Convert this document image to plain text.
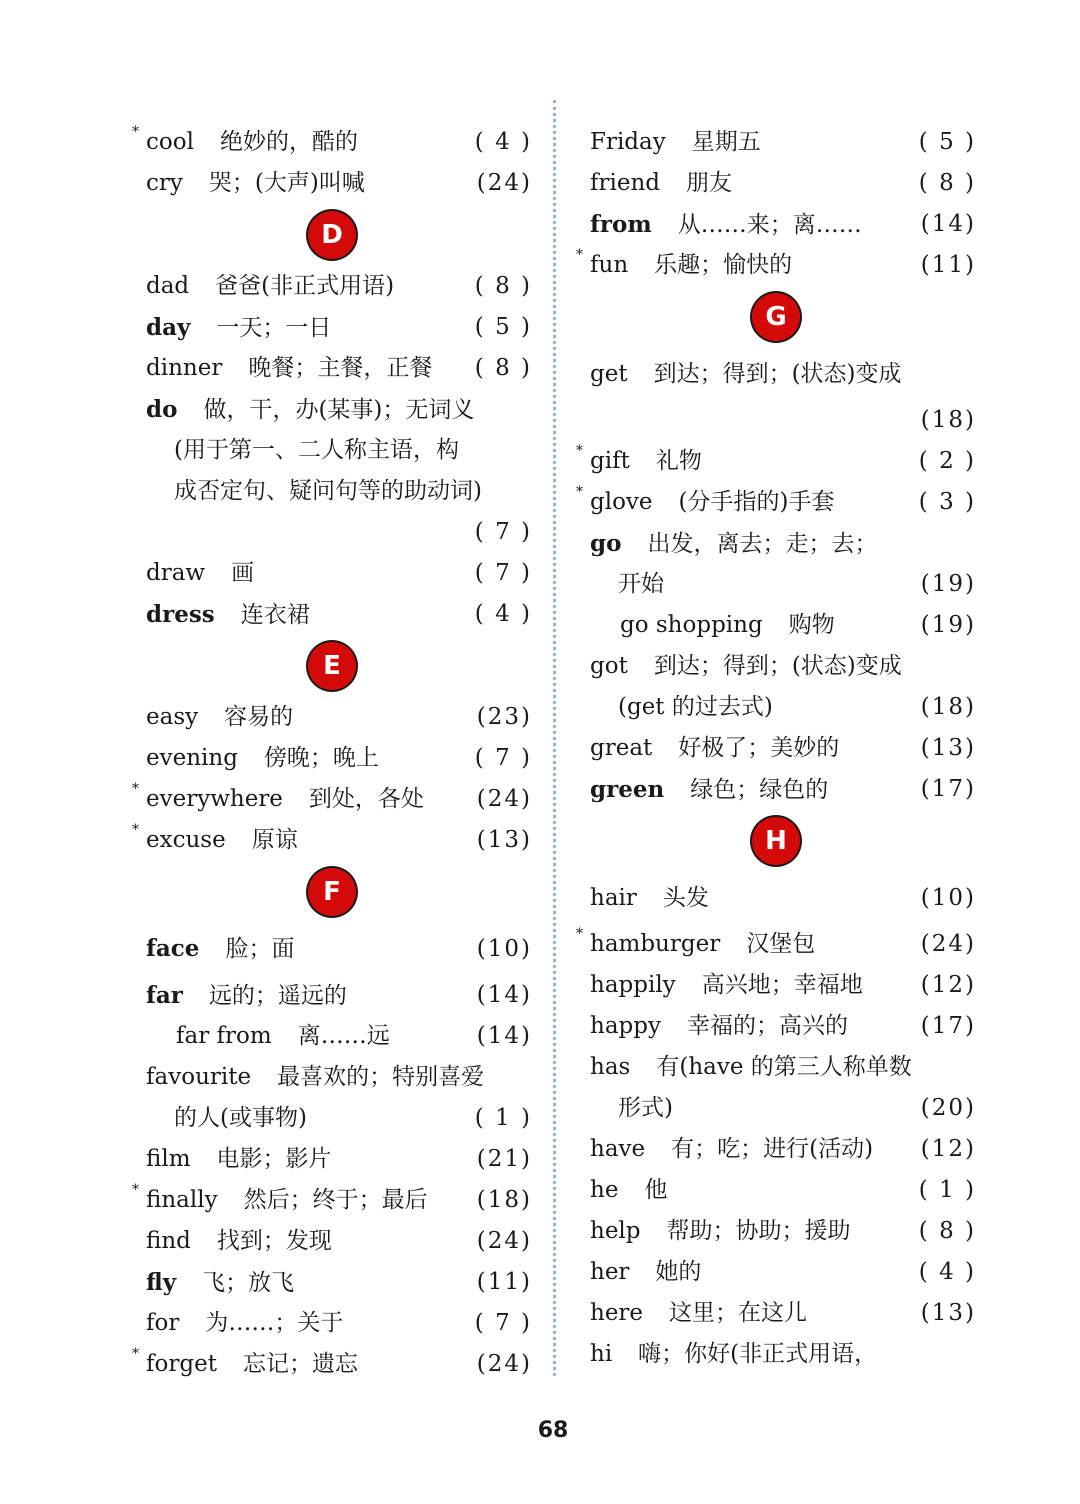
* cool 绝妙的，酷的	( 4 )
cry 哭；(大声)叫喊	(24)
D
dad 爸爸(非正式用语)	( 8 )
day 一天；一日	( 5 )
dinner 晚餐；主餐，正餐 ( 8 )
do 做，干，办(某事)；无词义
(用于第一、二人称主语，构
成否定句、疑问句等的助动词)
( 7 )
draw 画	( 7 )
dress 连衣裙	( 4 )
E
easy 容易的	(23)
evening 傍晚；晚上	( 7 )
* everywhere 到处，各处 (24)
* excuse 原谅	(13)
F
face 脸；面	(10)
far 远的；遥远的	(14)
far from 离……远	(14)
favourite 最喜欢的；特别喜爱
的人(或事物)	( 1 )
film 电影；影片	(21)
* finally 然后；终于；最后 (18)
find 找到；发现	(24)
fly 飞；放飞	(11)
for 为……；关于	( 7 )
* forget 忘记；遗忘	(24)
Friday 星期五	( 5 )
friend 朋友	( 8 )
from 从……来；离……	(14)
* fun 乐趣；愉快的	(11)
G
get 到达；得到；(状态)变成
(18)
* gift 礼物	( 2 )
* glove (分手指的)手套	( 3 )
go 出发，离去；走；去；
开始	(19)
go shopping 购物	(19)
got 到达；得到；(状态)变成
(get 的过去式)	(18)
great 好极了；美妙的	(13)
green 绿色；绿色的	(17)
H
hair 头发	(10)
* hamburger 汉堡包	(24)
happily 高兴地；幸福地	(12)
happy 幸福的；高兴的	(17)
has 有(have 的第三人称单数
形式)	(20)
have 有；吃；进行(活动) (12)
he 他	( 1 )
help 帮助；协助；援助	( 8 )
her 她的	( 4 )
here 这里；在这儿	(13)
hi 嗨；你好(非正式用语，
68
